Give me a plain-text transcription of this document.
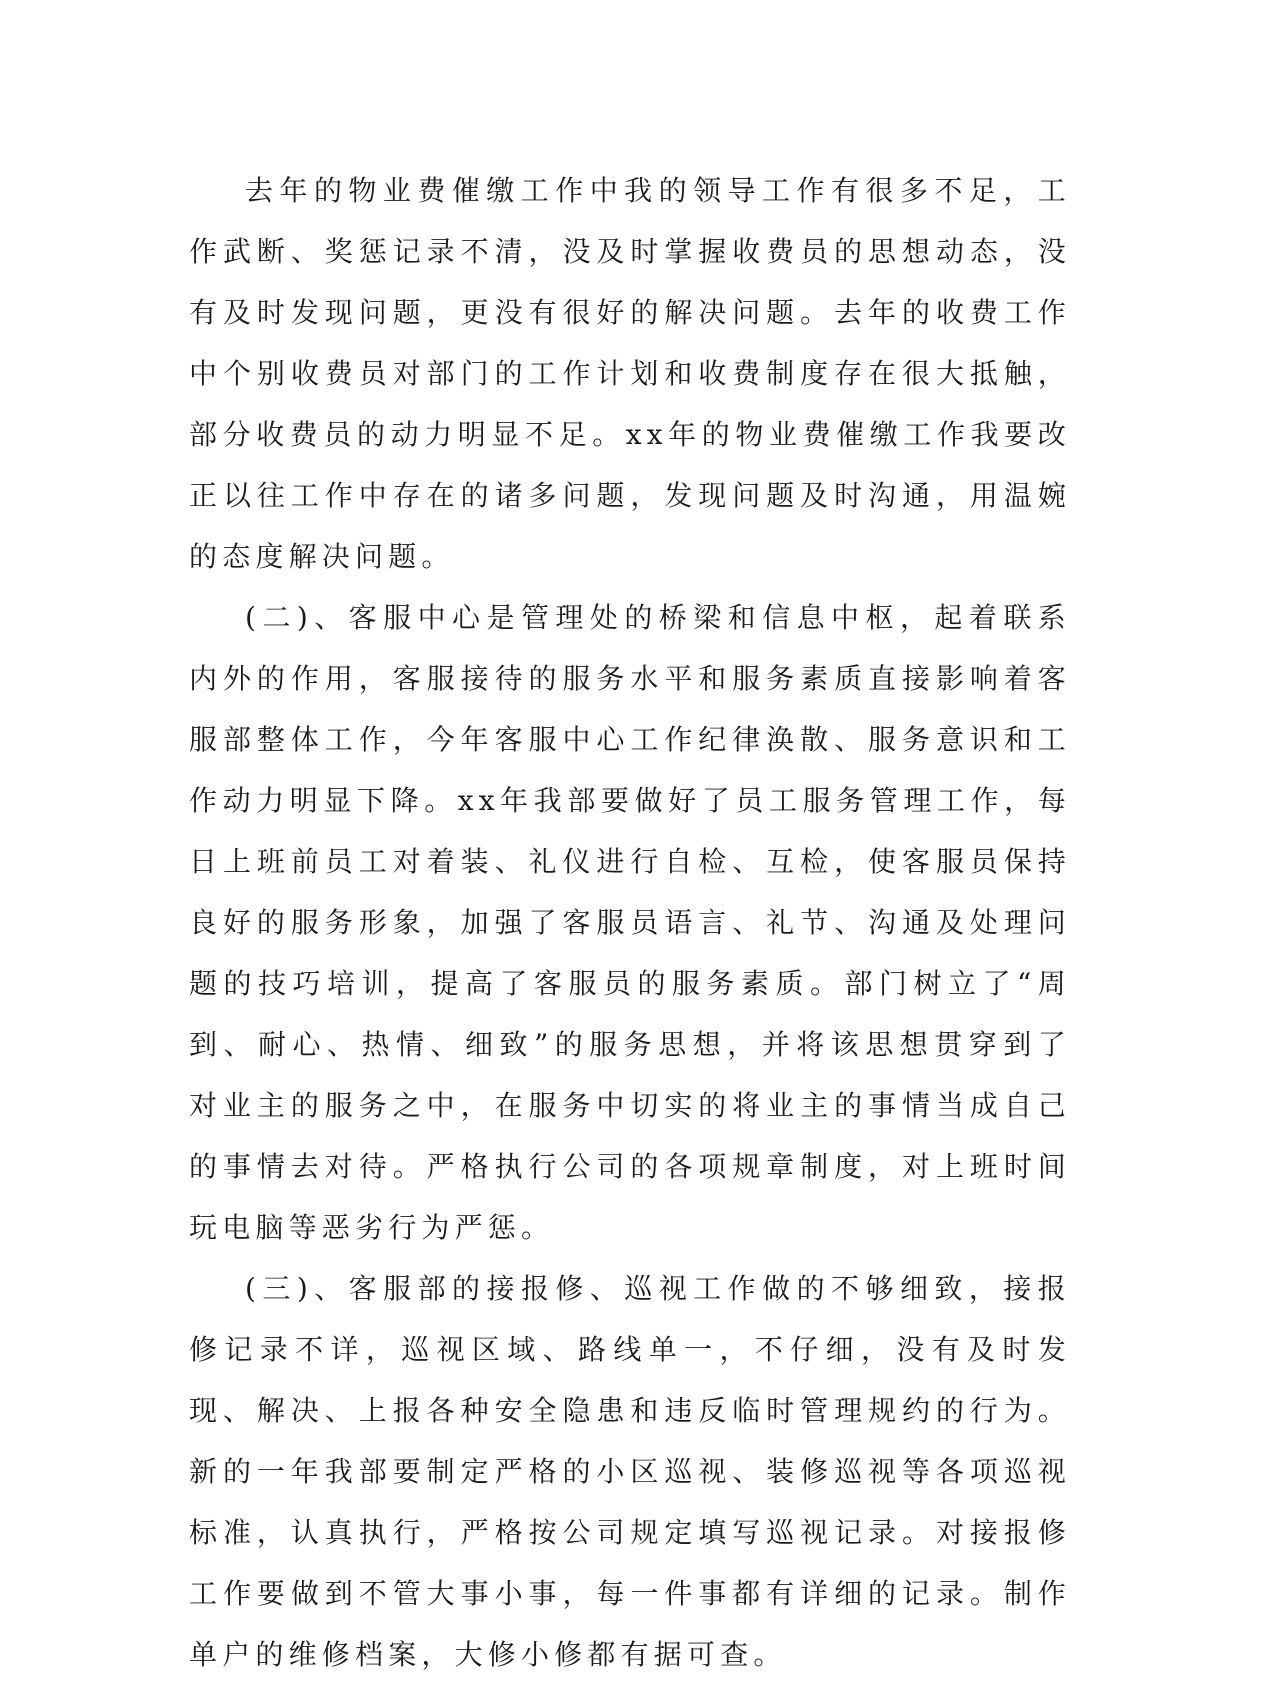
去年的物业费催缴工作中我的领导工作有很多不足，工作武断、奖惩记录不清，没及时掌握收费员的思想动态，没有及时发现问题，更没有很好的解决问题。去年的收费工作中个别收费员对部门的工作计划和收费制度存在很大抵触，部分收费员的动力明显不足。xx年的物业费催缴工作我要改正以往工作中存在的诸多问题，发现问题及时沟通，用温婉的态度解决问题。

(二)、客服中心是管理处的桥梁和信息中枢，起着联系内外的作用，客服接待的服务水平和服务素质直接影响着客服部整体工作，今年客服中心工作纪律涣散、服务意识和工作动力明显下降。xx年我部要做好了员工服务管理工作，每日上班前员工对着装、礼仪进行自检、互检，使客服员保持良好的服务形象，加强了客服员语言、礼节、沟通及处理问题的技巧培训，提高了客服员的服务素质。部门树立了“周到、耐心、热情、细致”的服务思想，并将该思想贯穿到了对业主的服务之中，在服务中切实的将业主的事情当成自己的事情去对待。严格执行公司的各项规章制度，对上班时间玩电脑等恶劣行为严惩。

(三)、客服部的接报修、巡视工作做的不够细致，接报修记录不详，巡视区域、路线单一，不仔细，没有及时发现、解决、上报各种安全隐患和违反临时管理规约的行为。新的一年我部要制定严格的小区巡视、装修巡视等各项巡视标准，认真执行，严格按公司规定填写巡视记录。对接报修工作要做到不管大事小事，每一件事都有详细的记录。制作单户的维修档案，大修小修都有据可查。
